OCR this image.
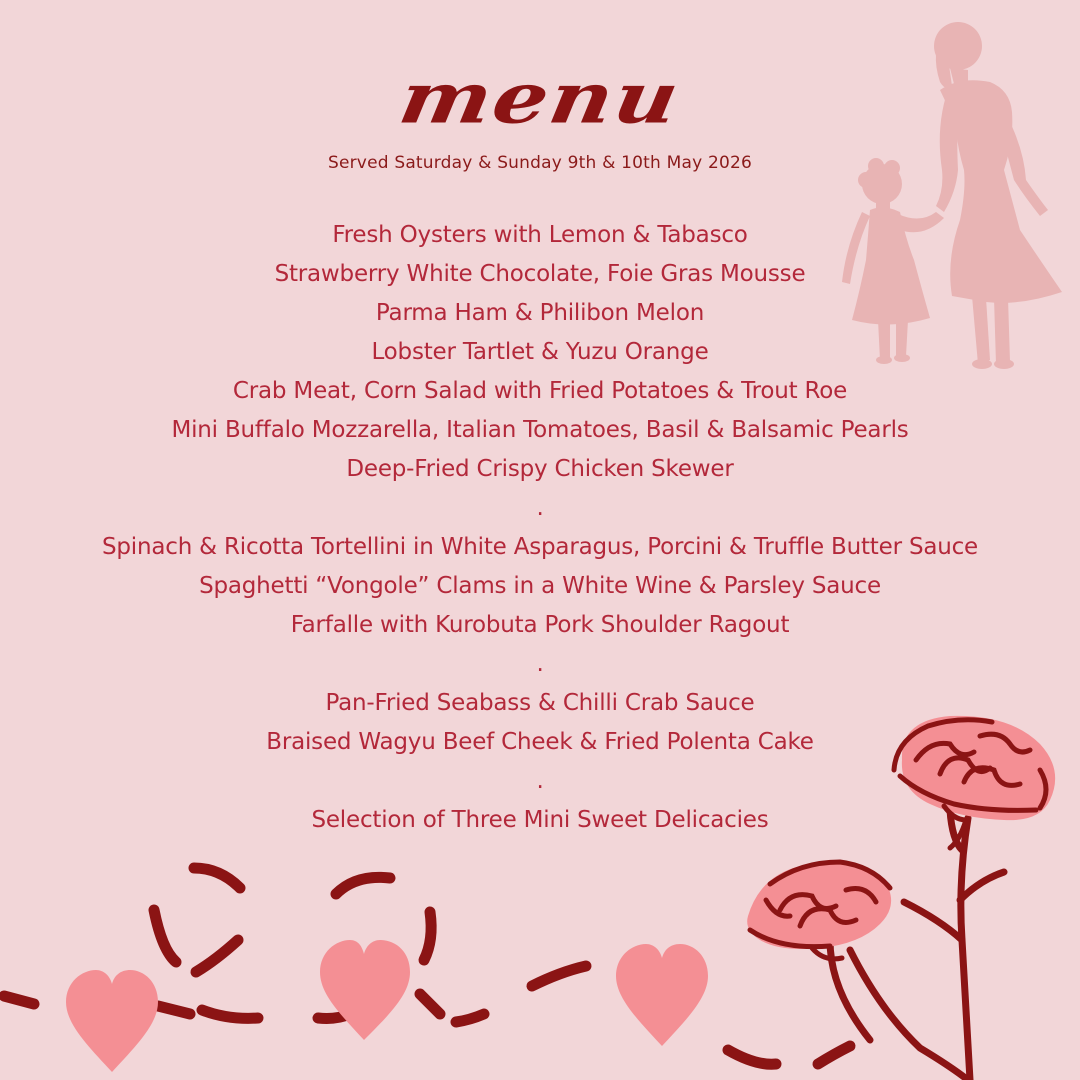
menu
Served Saturday & Sunday 9th & 10th May 2026
Fresh Oysters with Lemon & Tabasco
Strawberry White Chocolate, Foie Gras Mousse
Parma Ham & Philibon Melon
Lobster Tartlet & Yuzu Orange
Crab Meat, Corn Salad with Fried Potatoes & Trout Roe
Mini Buffalo Mozzarella, Italian Tomatoes, Basil & Balsamic Pearls
Deep-Fried Crispy Chicken Skewer
.
Spinach & Ricotta Tortellini in White Asparagus, Porcini & Truffle Butter Sauce
Spaghetti “Vongole” Clams in a White Wine & Parsley Sauce
Farfalle with Kurobuta Pork Shoulder Ragout
.
Pan-Fried Seabass & Chilli Crab Sauce
Braised Wagyu Beef Cheek & Fried Polenta Cake
.
Selection of Three Mini Sweet Delicacies
